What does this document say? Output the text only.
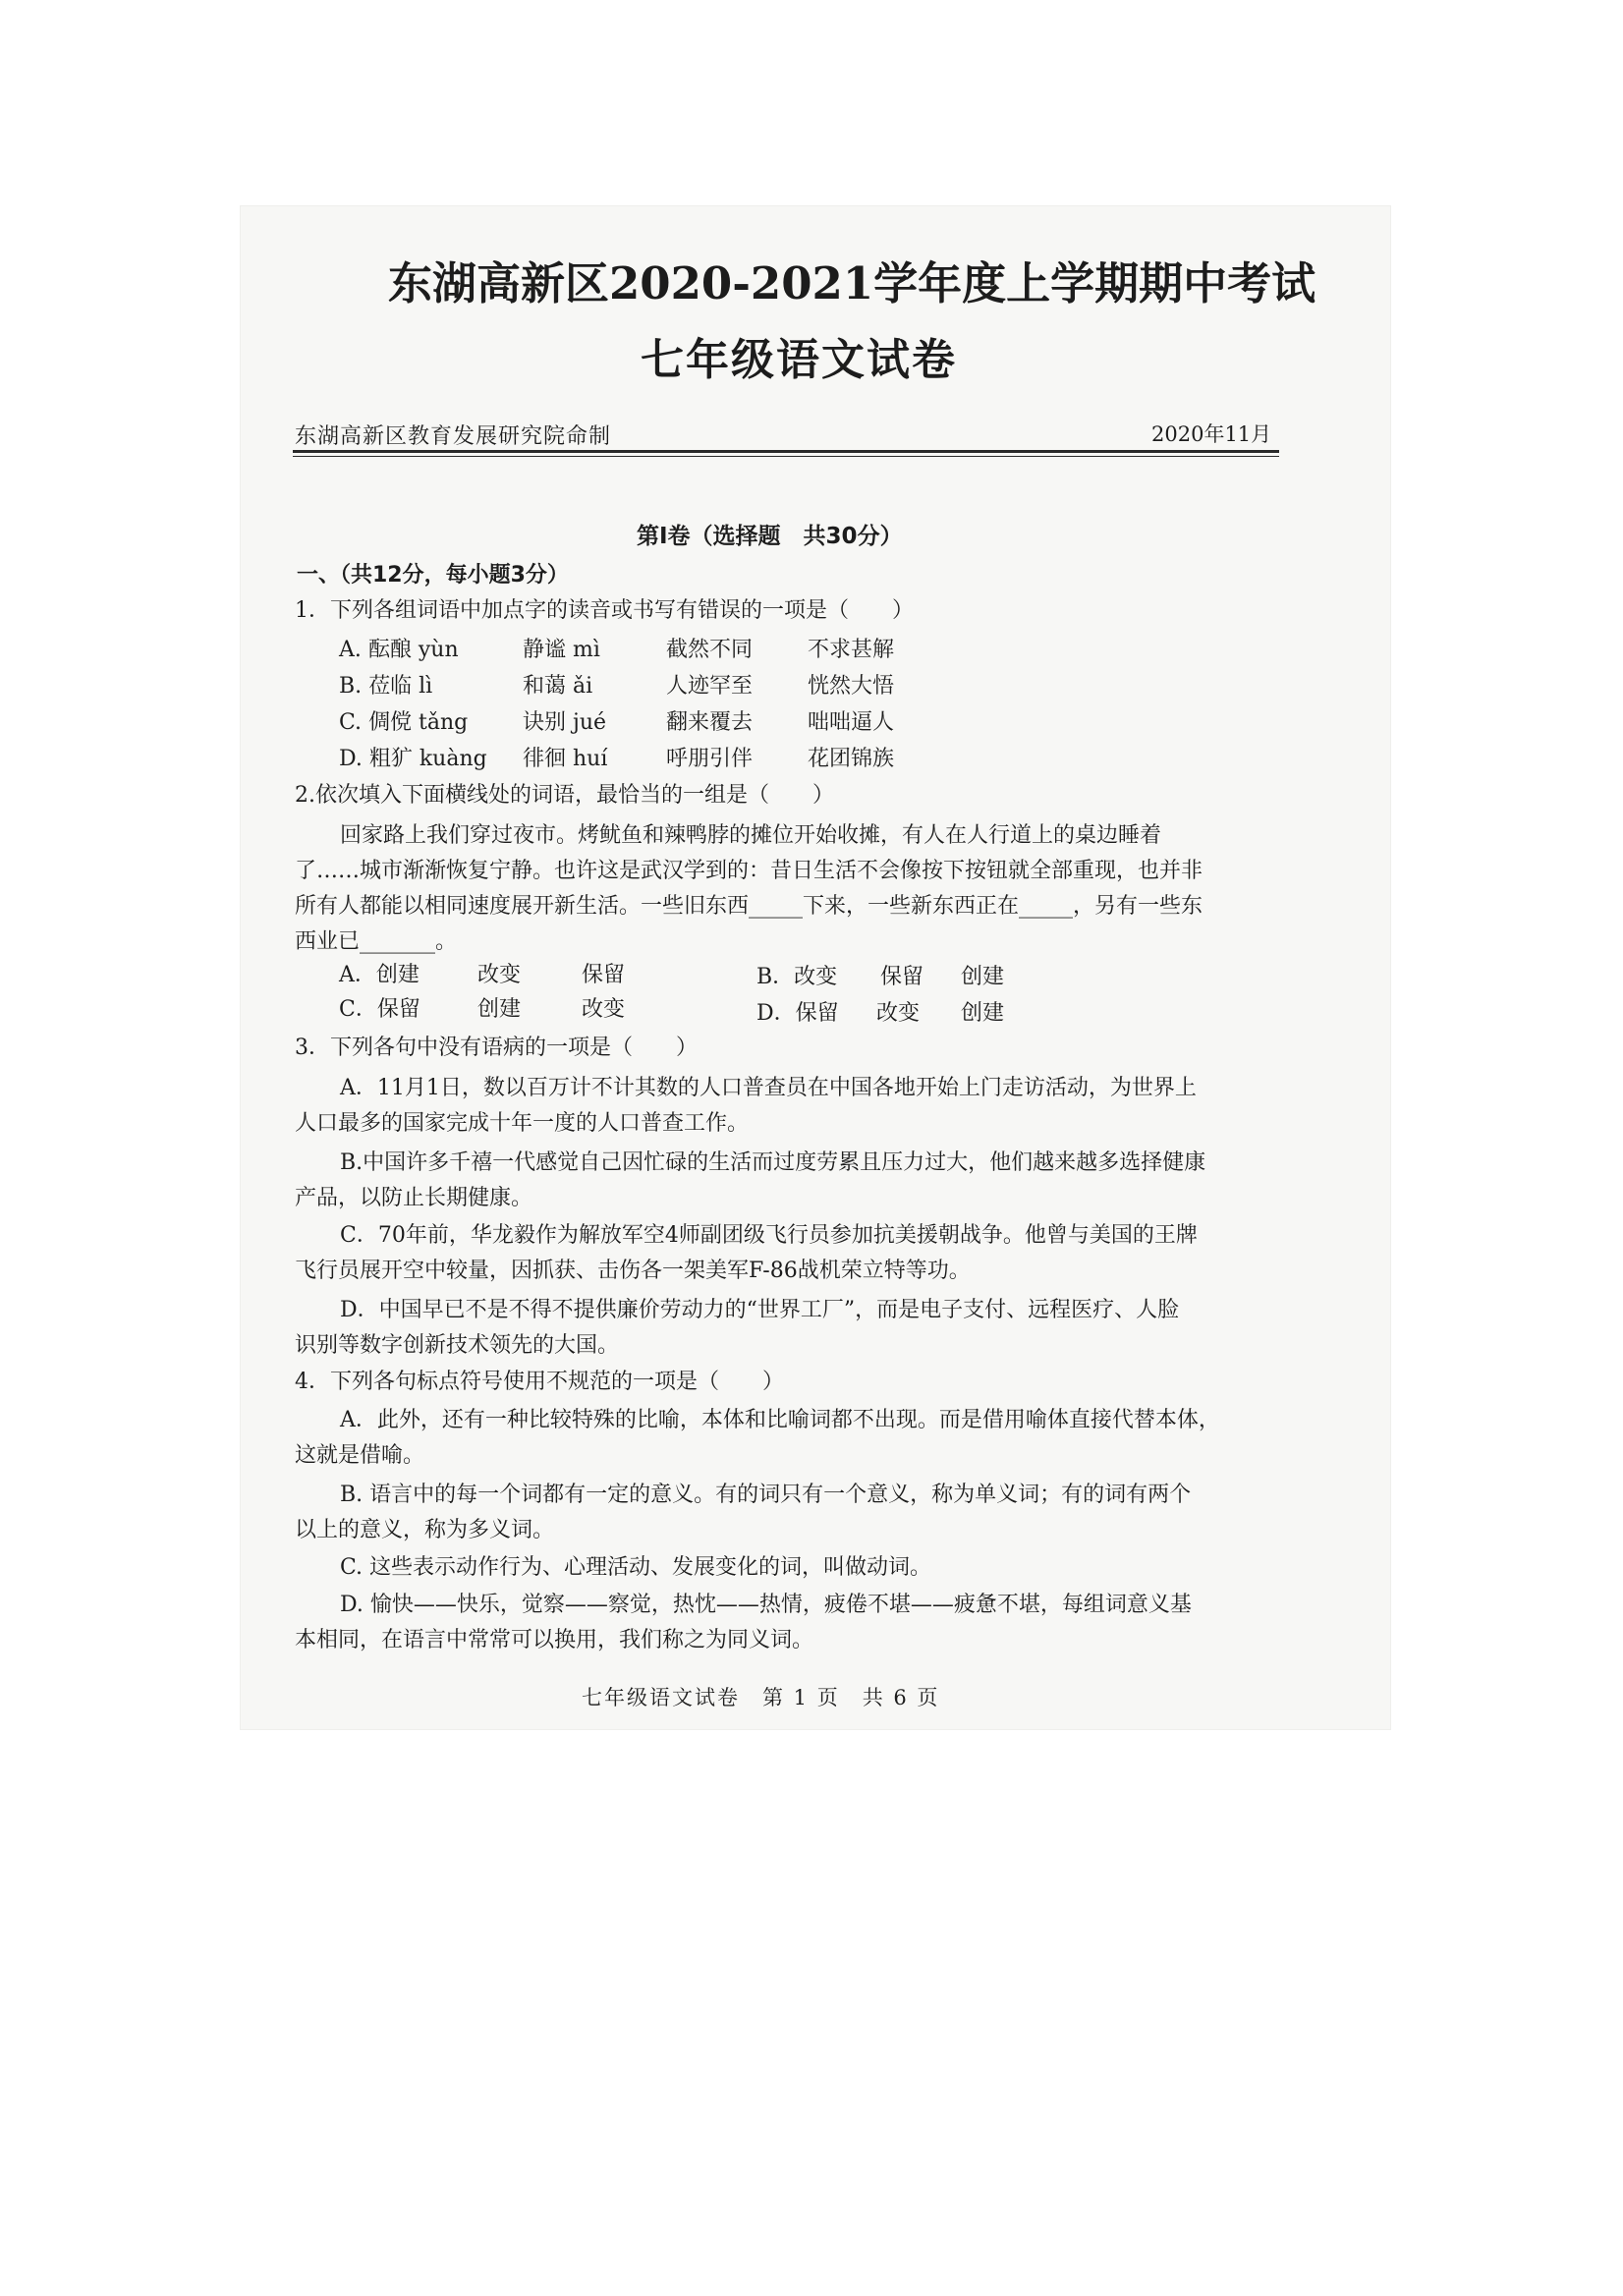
东湖高新区2020-2021学年度上学期期中考试
七年级语文试卷
东湖高新区教育发展研究院命制	2020年11月
第Ⅰ卷（选择题　共30分）
一、（共12分，每小题3分）
1．下列各组词语中加点字的读音或书写有错误的一项是（　　）
A. 酝酿 yùn	静谧 mì	截然不同	不求甚解
B. 莅临 lì	和蔼 ǎi	人迹罕至	恍然大悟
C. 倜傥 tǎng	诀别 jué	翻来覆去	咄咄逼人
D. 粗犷 kuàng 徘徊 huí	呼朋引伴	花团锦族
2.依次填入下面横线处的词语，最恰当的一组是（　　）
回家路上我们穿过夜市。烤鱿鱼和辣鸭脖的摊位开始收摊，有人在人行道上的桌边睡着
了……城市渐渐恢复宁静。也许这是武汉学到的：昔日生活不会像按下按钮就全部重现，也并非
所有人都能以相同速度展开新生活。一些旧东西_____下来，一些新东西正在_____，另有一些东
西业已_______。
A．创建	改变	保留	B．改变 保留 创建
C．保留	创建	改变	D．保留 改变 创建
3．下列各句中没有语病的一项是（　　）
A．11月1日，数以百万计不计其数的人口普查员在中国各地开始上门走访活动，为世界上
人口最多的国家完成十年一度的人口普查工作。
B.中国许多千禧一代感觉自己因忙碌的生活而过度劳累且压力过大，他们越来越多选择健康
产品，以防止长期健康。
C．70年前，华龙毅作为解放军空4师副团级飞行员参加抗美援朝战争。他曾与美国的王牌
飞行员展开空中较量，因抓获、击伤各一架美军F-86战机荣立特等功。
D．中国早已不是不得不提供廉价劳动力的“世界工厂”，而是电子支付、远程医疗、人脸
识别等数字创新技术领先的大国。
4．下列各句标点符号使用不规范的一项是（　　）
A．此外，还有一种比较特殊的比喻，本体和比喻词都不出现。而是借用喻体直接代替本体，
这就是借喻。
B. 语言中的每一个词都有一定的意义。有的词只有一个意义，称为单义词；有的词有两个
以上的意义，称为多义词。
C. 这些表示动作行为、心理活动、发展变化的词，叫做动词。
D. 愉快——快乐，觉察——察觉，热忱——热情，疲倦不堪——疲惫不堪，每组词意义基
本相同，在语言中常常可以换用，我们称之为同义词。
七年级语文试卷　第 1 页　共 6 页
